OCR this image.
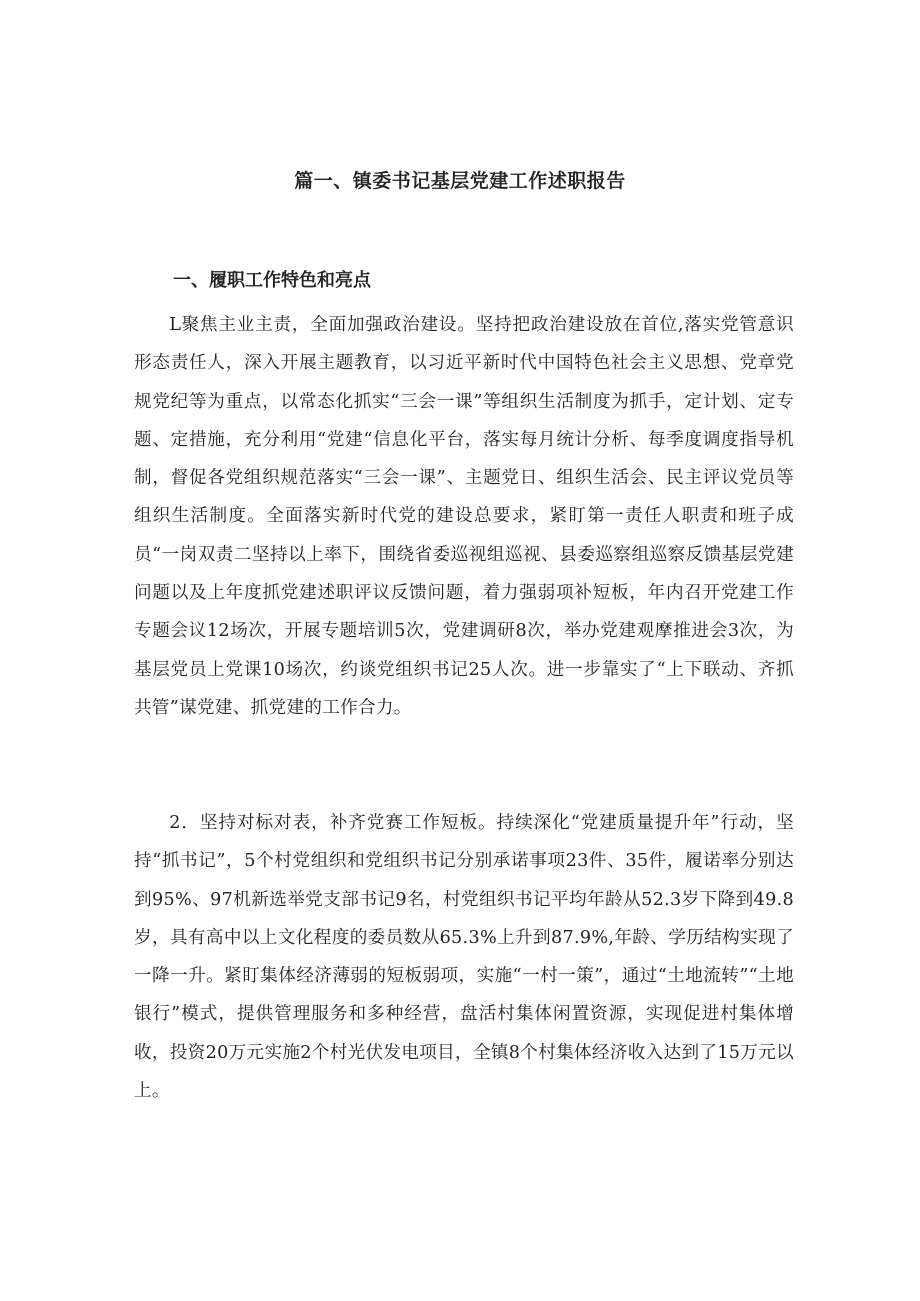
篇一、镇委书记基层党建工作述职报告
一、履职工作特色和亮点

L聚焦主业主责，全面加强政治建设。坚持把政治建设放在首位,落实党管意识形态责任人，深入开展主题教育，以习近平新时代中国特色社会主义思想、党章党规党纪等为重点，以常态化抓实“三会一课”等组织生活制度为抓手，定计划、定专题、定措施，充分利用“党建“信息化平台，落实每月统计分析、每季度调度指导机制，督促各党组织规范落实“三会一课”、主题党日、组织生活会、民主评议党员等组织生活制度。全面落实新时代党的建设总要求，紧盯第一责任人职责和班子成员“一岗双责二坚持以上率下，围绕省委巡视组巡视、县委巡察组巡察反馈基层党建问题以及上年度抓党建述职评议反馈问题，着力强弱项补短板，年内召开党建工作专题会议12场次，开展专题培训5次，党建调研8次，举办党建观摩推进会3次，为基层党员上党课10场次，约谈党组织书记25人次。进一步靠实了“上下联动、齐抓共管”谋党建、抓党建的工作合力。

2．坚持对标对表，补齐党赛工作短板。持续深化“党建质量提升年”行动，坚持“抓书记”，5个村党组织和党组织书记分别承诺事项23件、35件，履诺率分别达到95%、97机新选举党支部书记9名，村党组织书记平均年龄从52.3岁下降到49.8岁，具有高中以上文化程度的委员数从65.3%上升到87.9%,年龄、学历结构实现了一降一升。紧盯集体经济薄弱的短板弱项，实施“一村一策”，通过“土地流转”“土地银行”模式，提供管理服务和多种经营，盘活村集体闲置资源，实现促进村集体增收，投资20万元实施2个村光伏发电项目，全镇8个村集体经济收入达到了15万元以上。
